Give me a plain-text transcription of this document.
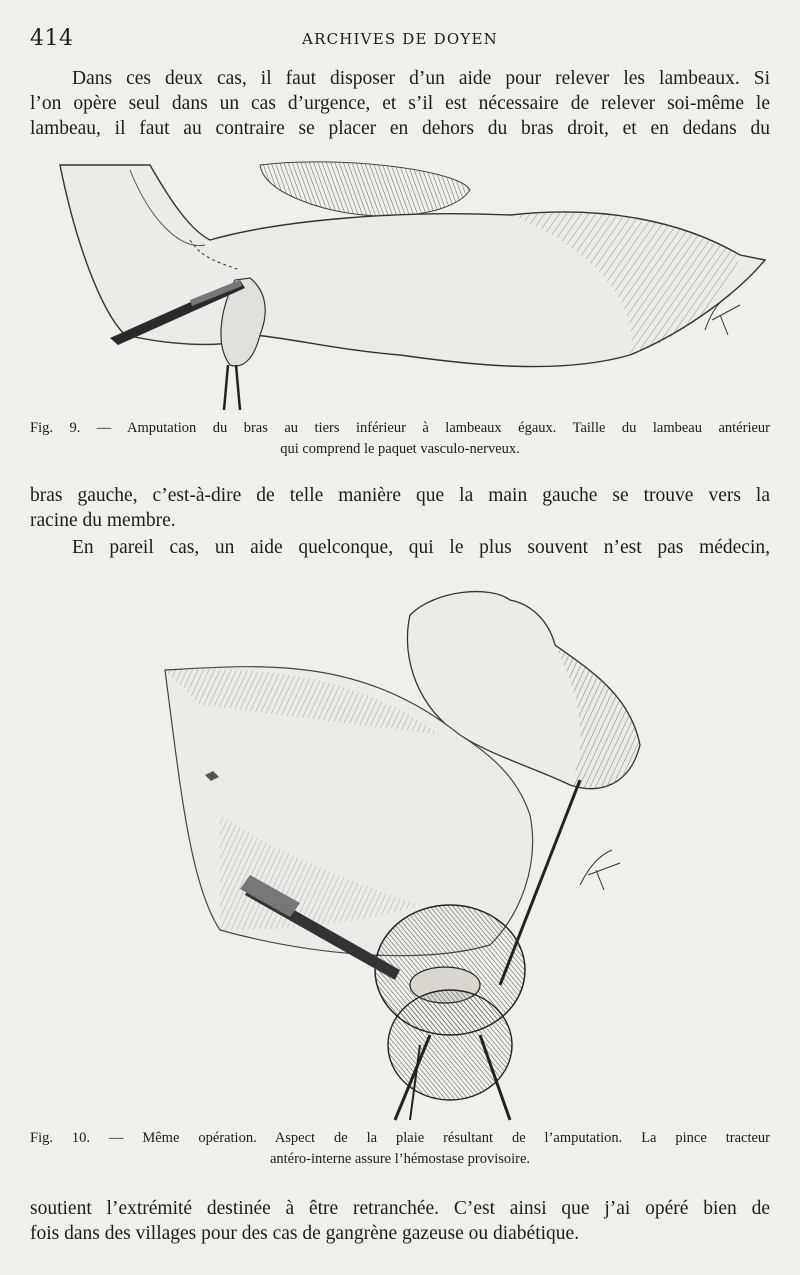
414	ARCHIVES DE DOYEN

Dans ces deux cas, il faut disposer d’un aide pour relever les lambeaux. Si
l’on opère seul dans un cas d’urgence, et s’il est nécessaire de relever soi-même le
lambeau, il faut au contraire se placer en dehors du bras droit, et en dedans du

Fig. 9. — Amputation du bras au tiers inférieur à lambeaux égaux. Taille du lambeau antérieur
qui comprend le paquet vasculo-nerveux.

bras gauche, c’est-à-dire de telle manière que la main gauche se trouve vers la
racine du membre.

En pareil cas, un aide quelconque, qui le plus souvent n’est pas médecin,

Fig. 10. — Même opération. Aspect de la plaie résultant de l’amputation. La pince tracteur
antéro-interne assure l’hémostase provisoire.

soutient l’extrémité destinée à être retranchée. C’est ainsi que j’ai opéré bien de
fois dans des villages pour des cas de gangrène gazeuse ou diabétique.
